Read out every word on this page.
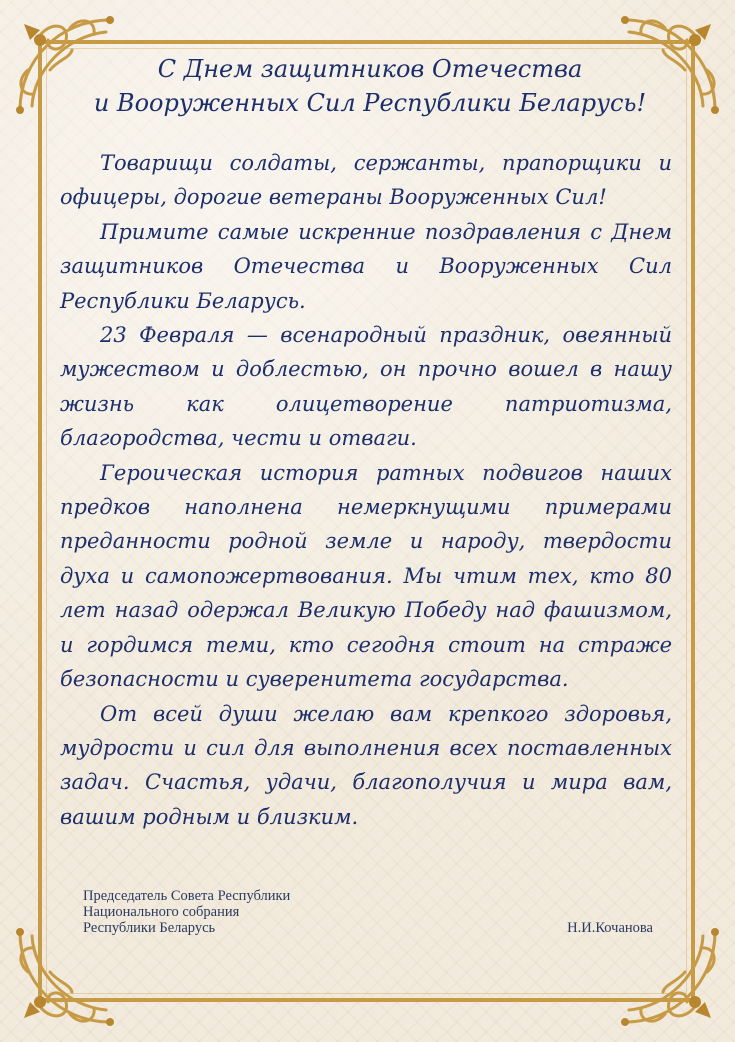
С Днем защитников Отечества
и Вооруженных Сил Республики Беларусь!

Товарищи солдаты, сержанты, прапорщики и офицеры, дорогие ветераны Вооруженных Сил!

Примите самые искренние поздравления с Днем защитников Отечества и Вооруженных Сил Республики Беларусь.

23 Февраля — всенародный праздник, овеянный мужеством и доблестью, он прочно вошел в нашу жизнь как олицетворение патриотизма, благородства, чести и отваги.

Героическая история ратных подвигов наших предков наполнена немеркнущими примерами преданности родной земле и народу, твердости духа и самопожертвования. Мы чтим тех, кто 80 лет назад одержал Великую Победу над фашизмом, и гордимся теми, кто сегодня стоит на страже безопасности и суверенитета государства.

От всей души желаю вам крепкого здоровья, мудрости и сил для выполнения всех поставленных задач. Счастья, удачи, благополучия и мира вам, вашим родным и близким.

Председатель Совета Республики
Национального собрания
Республики Беларусь	Н.И.Кочанова
